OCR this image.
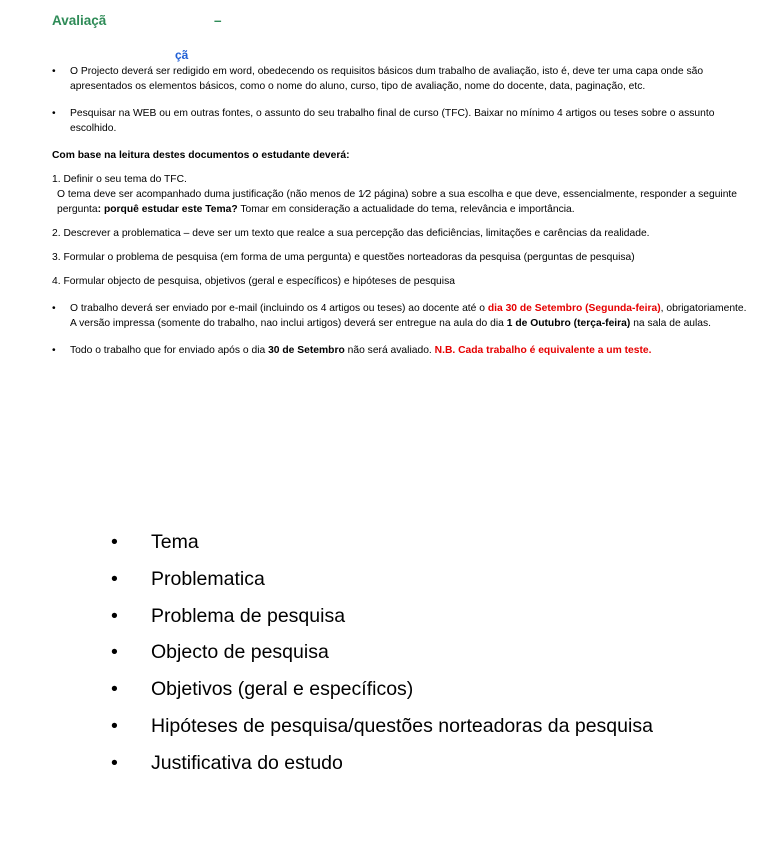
Avaliaçã	–
çã
• O Projecto deverá ser redigido em word, obedecendo os requisitos básicos dum trabalho de avaliação, isto é, deve ter uma capa onde são apresentados os elementos básicos, como o nome do aluno, curso, tipo de avaliação, nome do docente, data, paginação, etc.
• Pesquisar na WEB ou em outras fontes, o assunto do seu trabalho final de curso (TFC). Baixar no mínimo 4 artigos ou teses sobre o assunto escolhido.
Com base na leitura destes documentos o estudante deverá:
1. Definir o seu tema do TFC.
O tema deve ser acompanhado duma justificação (não menos de 1⁄2 página) sobre a sua escolha e que deve, essencialmente, responder a seguinte pergunta: porquê estudar este Tema? Tomar em consideração a actualidade do tema, relevância e importância.
2. Descrever a problematica – deve ser um texto que realce a sua percepção das deficiências, limitações e carências da realidade.
3. Formular o problema de pesquisa (em forma de uma pergunta) e questões norteadoras da pesquisa (perguntas de pesquisa)
4. Formular objecto de pesquisa, objetivos (geral e específicos) e hipóteses de pesquisa
• O trabalho deverá ser enviado por e-mail (incluindo os 4 artigos ou teses) ao docente até o dia 30 de Setembro (Segunda-feira), obrigatoriamente. A versão impressa (somente do trabalho, nao inclui artigos) deverá ser entregue na aula do dia 1 de Outubro (terça-feira) na sala de aulas.
• Todo o trabalho que for enviado após o dia 30 de Setembro não será avaliado. N.B. Cada trabalho é equivalente a um teste.
• Tema
• Problematica
• Problema de pesquisa
• Objecto de pesquisa
• Objetivos (geral e específicos)
• Hipóteses de pesquisa/questões norteadoras da pesquisa
• Justificativa do estudo
